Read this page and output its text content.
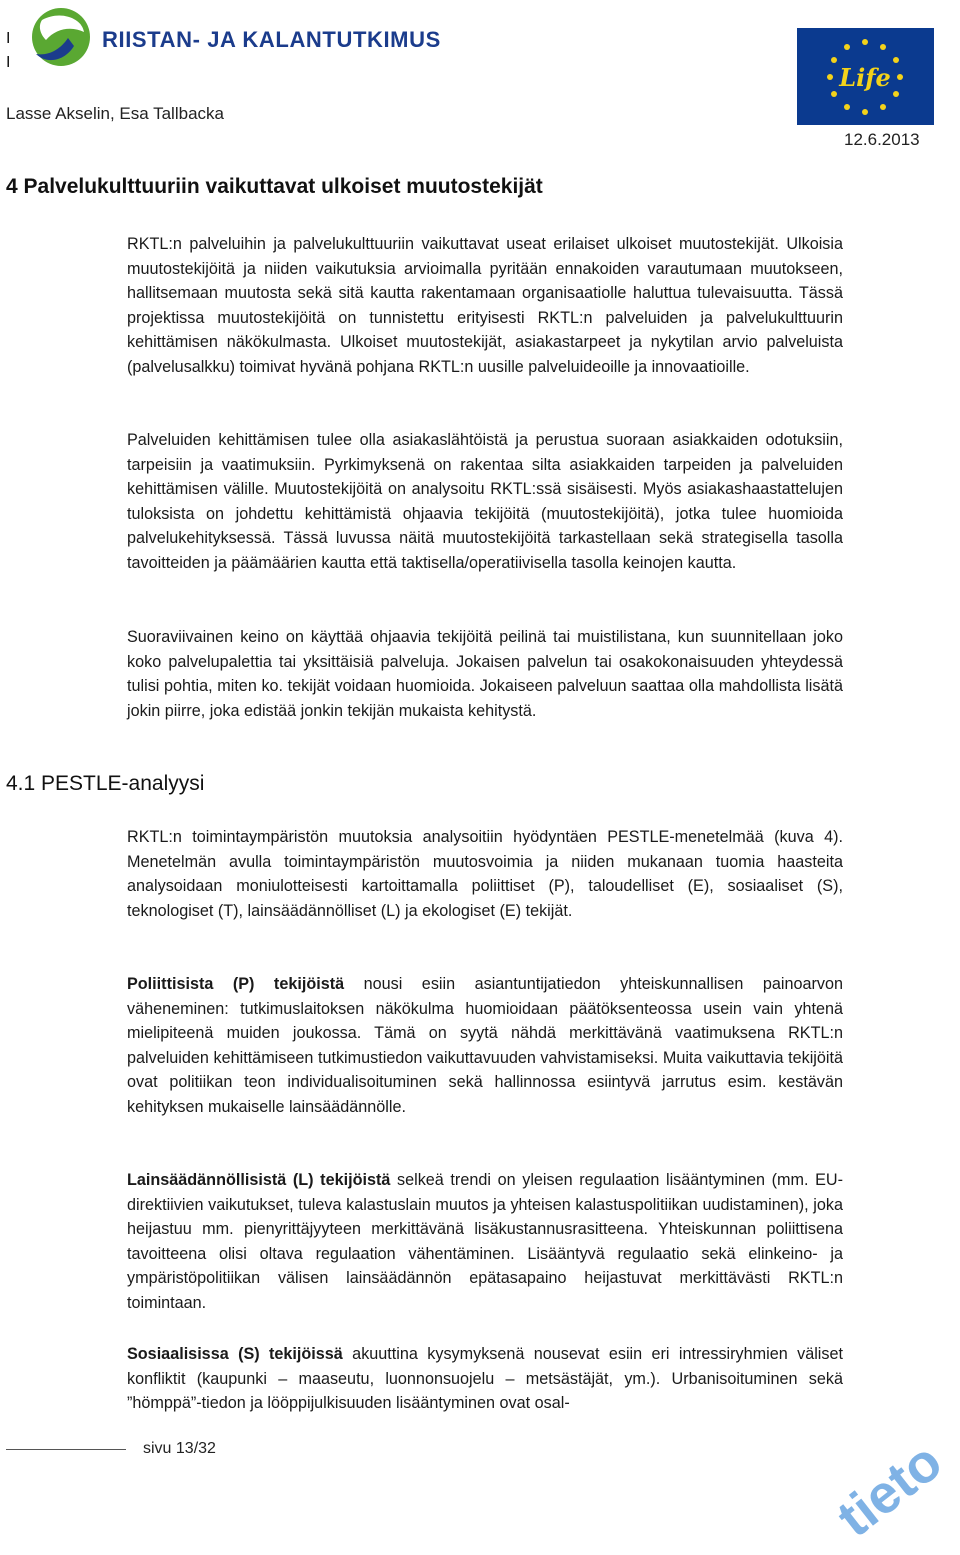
I
I
RIISTAN- JA KALANTUTKIMUS
Life
Lasse Akselin, Esa Tallbacka
12.6.2013
4 Palvelukulttuuriin vaikuttavat ulkoiset muutostekijät

RKTL:n palveluihin ja palvelukulttuuriin vaikuttavat useat erilaiset ulkoiset muutostekijät. Ulkoisia muutostekijöitä ja niiden vaikutuksia arvioimalla pyritään ennakoiden varautumaan muutokseen, hallitsemaan muutosta sekä sitä kautta rakentamaan organisaatiolle haluttua tulevaisuutta. Tässä projektissa muutostekijöitä on tunnistettu erityisesti RKTL:n palveluiden ja palvelukulttuurin kehittämisen näkökulmasta. Ulkoiset muutostekijät, asiakastarpeet ja nykytilan arvio palveluista (palvelusalkku) toimivat hyvänä pohjana RKTL:n uusille palveluideoille ja innovaatioille.

Palveluiden kehittämisen tulee olla asiakaslähtöistä ja perustua suoraan asiakkaiden odotuksiin, tarpeisiin ja vaatimuksiin. Pyrkimyksenä on rakentaa silta asiakkaiden tarpeiden ja palveluiden kehittämisen välille. Muutostekijöitä on analysoitu RKTL:ssä sisäisesti. Myös asiakashaastattelujen tuloksista on johdettu kehittämistä ohjaavia tekijöitä (muutostekijöitä), jotka tulee huomioida palvelukehityksessä. Tässä luvussa näitä muutostekijöitä tarkastellaan sekä strategisella tasolla tavoitteiden ja päämäärien kautta että taktisella/operatiivisella tasolla keinojen kautta.

Suoraviivainen keino on käyttää ohjaavia tekijöitä peilinä tai muistilistana, kun suunnitellaan joko koko palvelupalettia tai yksittäisiä palveluja. Jokaisen palvelun tai osakokonaisuuden yhteydessä tulisi pohtia, miten ko. tekijät voidaan huomioida. Jokaiseen palveluun saattaa olla mahdollista lisätä jokin piirre, joka edistää jonkin tekijän mukaista kehitystä.

4.1 PESTLE-analyysi

RKTL:n toimintaympäristön muutoksia analysoitiin hyödyntäen PESTLE-menetelmää (kuva 4). Menetelmän avulla toimintaympäristön muutosvoimia ja niiden mukanaan tuomia haasteita analysoidaan moniulotteisesti kartoittamalla poliittiset (P), taloudelliset (E), sosiaaliset (S), teknologiset (T), lainsäädännölliset (L) ja ekologiset (E) tekijät.

Poliittisista (P) tekijöistä nousi esiin asiantuntijatiedon yhteiskunnallisen painoarvon väheneminen: tutkimuslaitoksen näkökulma huomioidaan päätöksenteossa usein vain yhtenä mielipiteenä muiden joukossa. Tämä on syytä nähdä merkittävänä vaatimuksena RKTL:n palveluiden kehittämiseen tutkimustiedon vaikuttavuuden vahvistamiseksi. Muita vaikuttavia tekijöitä ovat politiikan teon individualisoituminen sekä hallinnossa esiintyvä jarrutus esim. kestävän kehityksen mukaiselle lainsäädännölle.

Lainsäädännöllisistä (L) tekijöistä selkeä trendi on yleisen regulaation lisääntyminen (mm. EU-direktiivien vaikutukset, tuleva kalastuslain muutos ja yhteisen kalastuspolitiikan uudistaminen), joka heijastuu mm. pienyrittäjyyteen merkittävänä lisäkustannusrasitteena. Yhteiskunnan poliittisena tavoitteena olisi oltava regulaation vähentäminen. Lisääntyvä regulaatio sekä elinkeino- ja ympäristöpolitiikan välisen lainsäädännön epätasapaino heijastuvat merkittävästi RKTL:n toimintaan.

Sosiaalisissa (S) tekijöissä akuuttina kysymyksenä nousevat esiin eri intressiryhmien väliset konfliktit (kaupunki – maaseutu, luonnonsuojelu – metsästäjät, ym.). Urbanisoituminen sekä ”hömppä”-tiedon ja lööppijulkisuuden lisääntyminen ovat osal-

sivu 13/32	tieto
